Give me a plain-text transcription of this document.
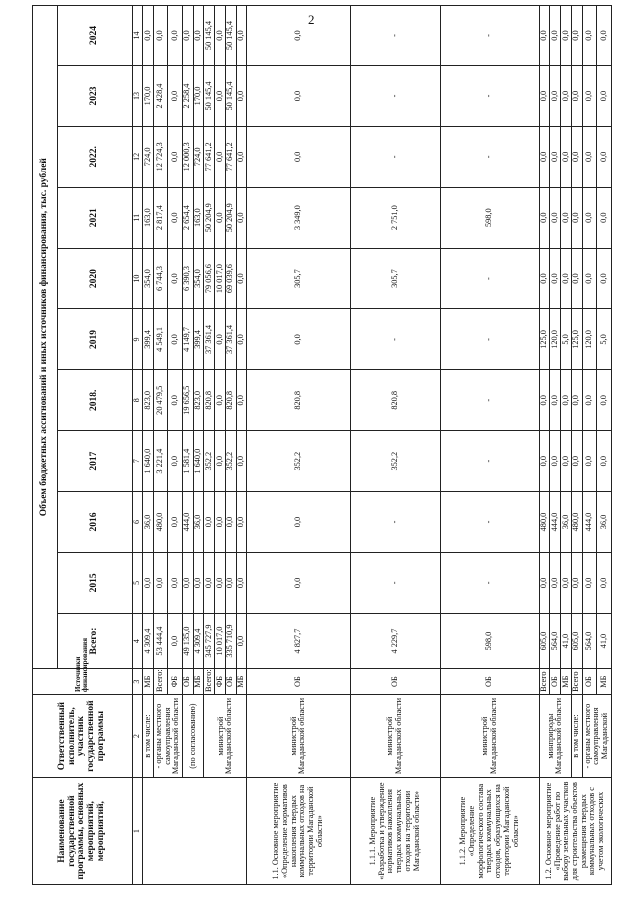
2
Наименование государственной программы, основных мероприятий, мероприятий,	Ответственный исполнитель, участник государственной программы	Источники финансирования	Объем бюджетных ассигнований и иных источников финансирования, тыс. рублей										
			Всего:	2015	2016	2017	2018.	2019	2020	2021	2022.	2023	2024
1	2	3	4	5	6	7	8	9	10	11	12	13	14
	в том числе:	МБ	4 309,4	0,0	36,0	1 640,0	823,0	399,4	354,0	163,0	724,0	170,0	0,0
	- органы местного самоуправления Магаданской области	Всего:	53 444,4	0,0	480,0	3 221,4	20 479,5	4 549,1	6 744,3	2 817,4	12 724,3	2 428,4	0,0
		ФБ	0,0	0,0	0,0	0,0	0,0	0,0	0,0	0,0	0,0	0,0	0,0
	(по согласованию)	ОБ	49 135,0	0,0	444,0	1 581,4	19 656,5	4 149,7	6 390,3	2 654,4	12 000,3	2 258,4	0,0
		МБ	4 309,4	0,0	36,0	1 640,0	823,0	399,4	354,0	163,0	724,0	170,0	0,0
	министрой Магаданской области	Всего:	345 727,9	0,0	0,0	352,2	820,8	37 361,4	79 056,6	50 204,9	77 641,2	50 145,4	50 145,4
		ФБ	10 017,0	0,0	0,0	0,0	0,0	0,0	10 017,0	0,0	0,0	0,0	0,0
		ОБ	335 710,9	0,0	0,0	352,2	820,8	37 361,4	69 039,6	50 204,9	77 641,2	50 145,4	50 145,4
		МБ	0,0	0,0	0,0	0,0	0,0	0,0	0,0	0,0	0,0	0,0	0,0
1.1. Основное мероприятие «Определение нормативов накопления твердых коммунальных отходов на территории Магаданской области»	министрой Магаданской области	ОБ	4 827,7	0,0	0,0	352,2	820,8	0,0	305,7	3 349,0	0,0	0,0	0,0
1.1.1. Мероприятие «Разработка и утверждение нормативов накопления твердых коммунальных отходов на территории Магаданской области»	министрой Магаданской области	ОБ	4 229,7	-	-	352,2	820,8	-	305,7	2 751,0	-	-	-
1.1.2. Мероприятие «Определение морфологического состава твердых коммунальных отходов, образующихся на территории Магаданской области»	министрой Магаданской области	ОБ	598,0	-	-	-	-	-	-	598,0	-	-	-
1.2. Основное мероприятие «Проведение работ по выбору земельных участков для строительства объектов размещения твердых коммунальных отходов с учетом экологических	минприроды Магаданской области	Всего	605,0	0,0	480,0	0,0	0,0	125,0	0,0	0,0	0,0	0,0	0,0
		ОБ	564,0	0,0	444,0	0,0	0,0	120,0	0,0	0,0	0,0	0,0	0,0
		МБ	41,0	0,0	36,0	0,0	0,0	5,0	0,0	0,0	0,0	0,0	0,0
	в том числе:	Всего	605,0	0,0	480,0	0,0	0,0	125,0	0,0	0,0	0,0	0,0	0,0
	- органы местного самоуправления Магаданской	ОБ	564,0	0,0	444,0	0,0	0,0	120,0	0,0	0,0	0,0	0,0	0,0
		МБ	41,0	0,0	36,0	0,0	0,0	5,0	0,0	0,0	0,0	0,0	0,0
